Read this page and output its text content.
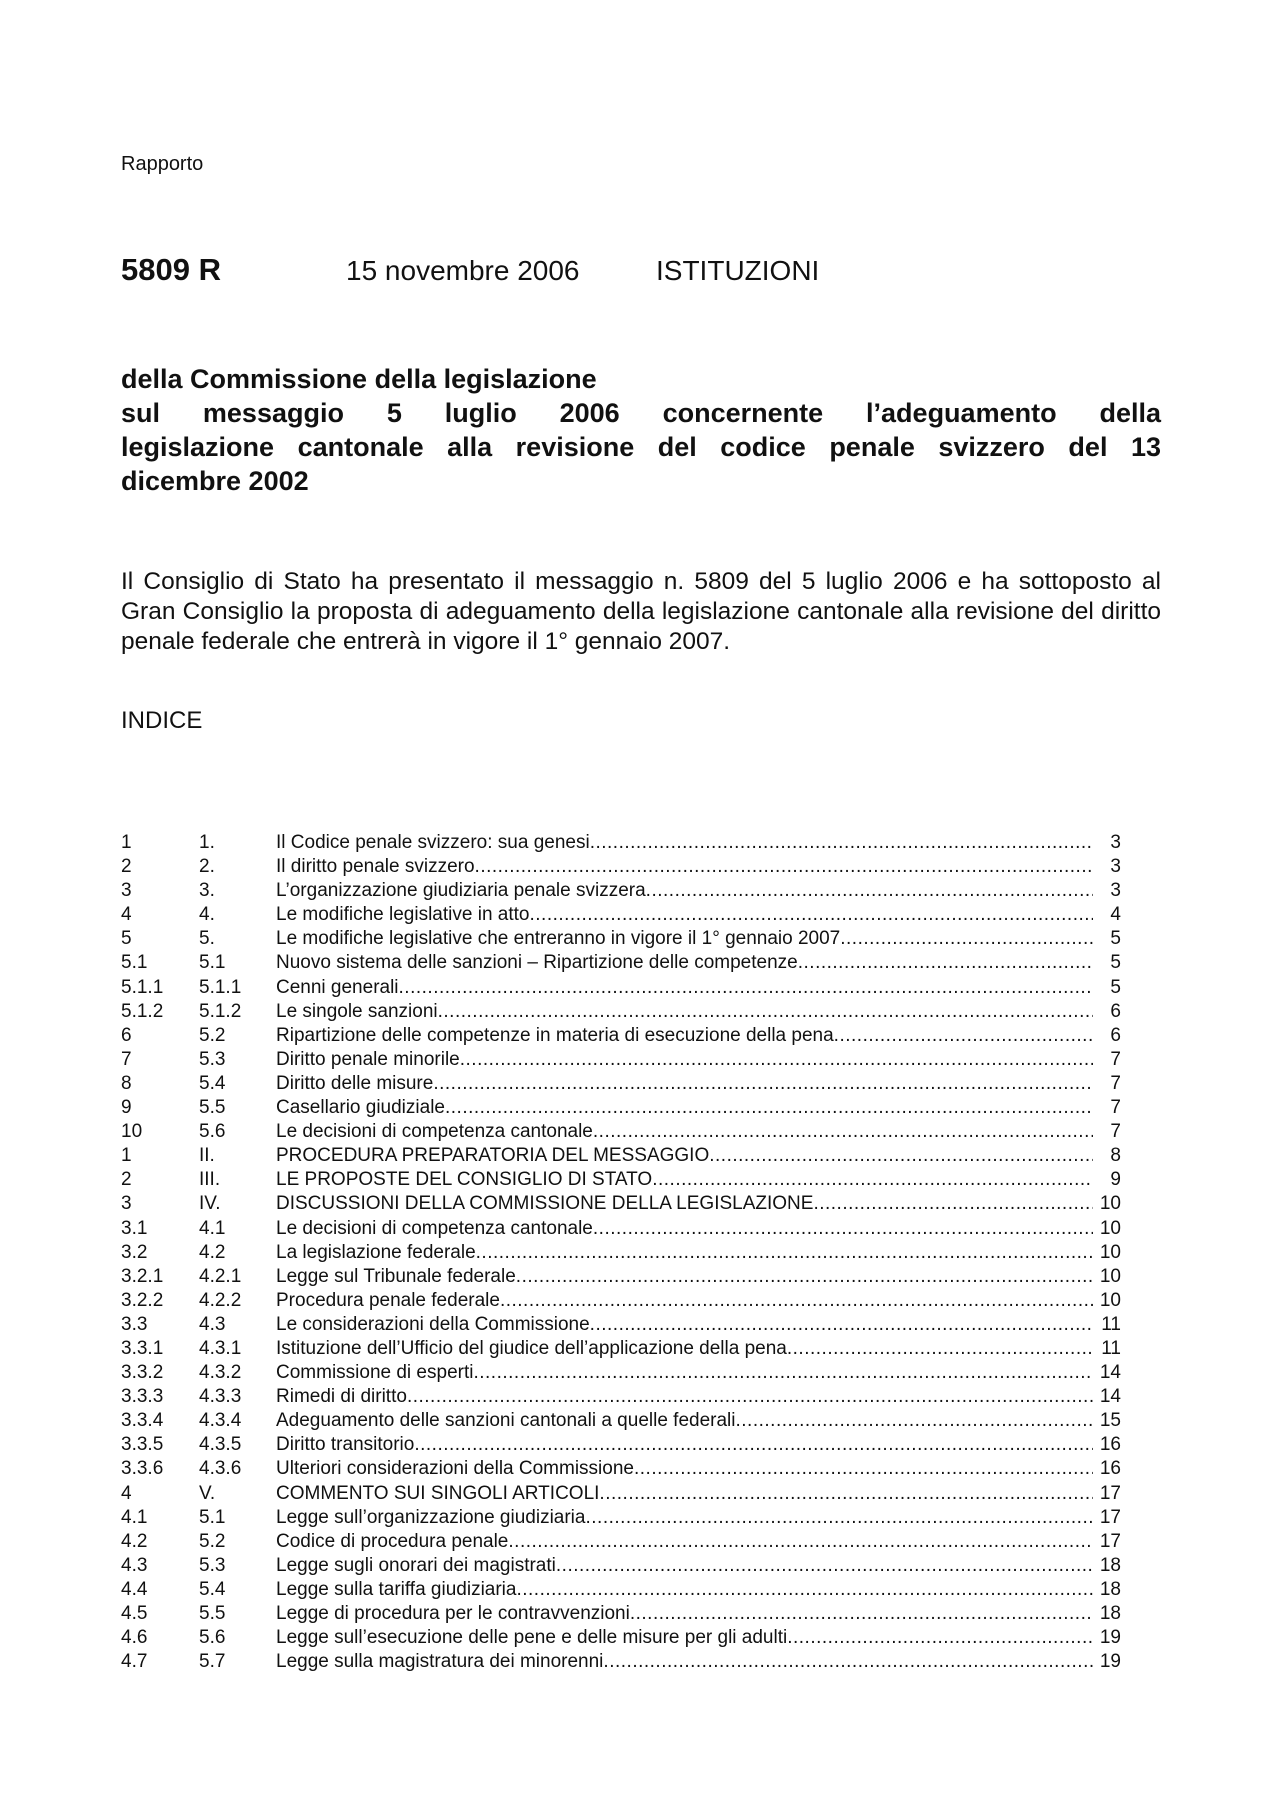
Rapporto
5809 R	15 novembre 2006	ISTITUZIONI
della Commissione della legislazione
sul messaggio 5 luglio 2006 concernente l’adeguamento della
legislazione cantonale alla revisione del codice penale svizzero del 13
dicembre 2002
Il Consiglio di Stato ha presentato il messaggio n. 5809 del 5 luglio 2006 e ha sottoposto al Gran Consiglio la proposta di adeguamento della legislazione cantonale alla revisione del diritto penale federale che entrerà in vigore il 1° gennaio 2007.
INDICE
1	1.	Il Codice penale svizzero: sua genesi .....	3
2	2.	Il diritto penale svizzero .....	3
3	3.	L’organizzazione giudiziaria penale svizzera .....	3
4	4.	Le modifiche legislative in atto .....	4
5	5.	Le modifiche legislative che entreranno in vigore il 1° gennaio 2007 .....	5
5.1	5.1	Nuovo sistema delle sanzioni – Ripartizione delle competenze .....	5
5.1.1	5.1.1	Cenni generali .....	5
5.1.2	5.1.2	Le singole sanzioni .....	6
6	5.2	Ripartizione delle competenze in materia di esecuzione della pena .....	6
7	5.3	Diritto penale minorile .....	7
8	5.4	Diritto delle misure .....	7
9	5.5	Casellario giudiziale .....	7
10	5.6	Le decisioni di competenza cantonale .....	7
1	II.	PROCEDURA PREPARATORIA DEL MESSAGGIO .....	8
2	III.	LE PROPOSTE DEL CONSIGLIO DI STATO .....	9
3	IV.	DISCUSSIONI DELLA COMMISSIONE DELLA LEGISLAZIONE .....	10
3.1	4.1	Le decisioni di competenza cantonale .....	10
3.2	4.2	La legislazione federale .....	10
3.2.1	4.2.1	Legge sul Tribunale federale .....	10
3.2.2	4.2.2	Procedura penale federale .....	10
3.3	4.3	Le considerazioni della Commissione .....	11
3.3.1	4.3.1	Istituzione dell’Ufficio del giudice dell’applicazione della pena .....	11
3.3.2	4.3.2	Commissione di esperti .....	14
3.3.3	4.3.3	Rimedi di diritto .....	14
3.3.4	4.3.4	Adeguamento delle sanzioni cantonali a quelle federali .....	15
3.3.5	4.3.5	Diritto transitorio .....	16
3.3.6	4.3.6	Ulteriori considerazioni della Commissione .....	16
4	V.	COMMENTO SUI SINGOLI ARTICOLI .....	17
4.1	5.1	Legge sull’organizzazione giudiziaria .....	17
4.2	5.2	Codice di procedura penale .....	17
4.3	5.3	Legge sugli onorari dei magistrati .....	18
4.4	5.4	Legge sulla tariffa giudiziaria .....	18
4.5	5.5	Legge di procedura per le contravvenzioni .....	18
4.6	5.6	Legge sull’esecuzione delle pene e delle misure per gli adulti .....	19
4.7	5.7	Legge sulla magistratura dei minorenni .....	19
